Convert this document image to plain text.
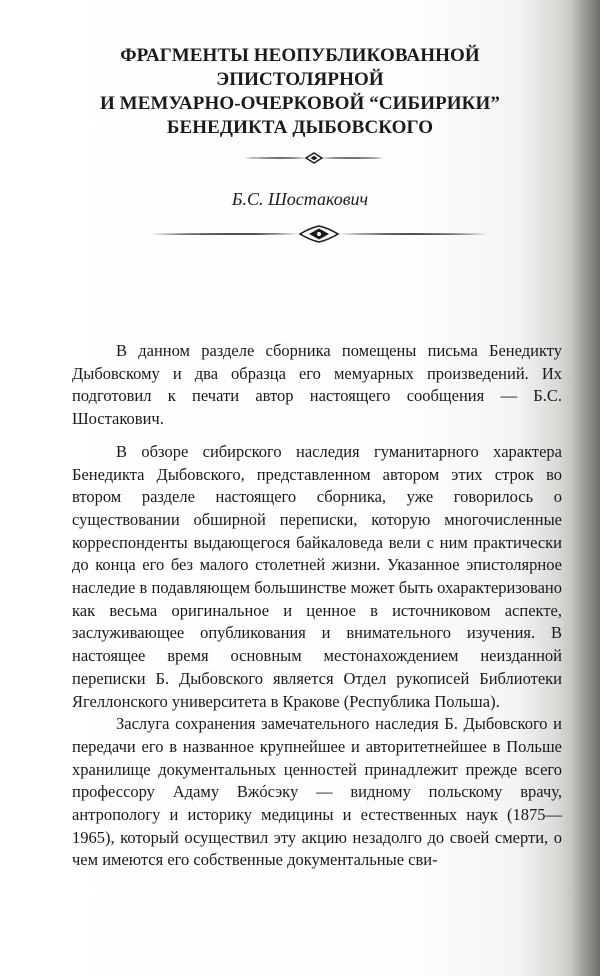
ФРАГМЕНТЫ НЕОПУБЛИКОВАННОЙ
ЭПИСТОЛЯРНОЙ
И МЕМУАРНО-ОЧЕРКОВОЙ “СИБИРИКИ”
БЕНЕДИКТА ДЫБОВСКОГО
Б.С. Шостакович

В данном разделе сборника помещены письма Бенедикту Дыбовскому и два образца его мемуарных произведений. Их подготовил к печати автор настоящего сообщения — Б.С. Шостакович.

В обзоре сибирского наследия гуманитарного характера Бенедикта Дыбовского, представленном автором этих строк во втором разделе настоящего сборника, уже говорилось о существовании обширной переписки, которую многочисленные корреспонденты выдающегося байкаловеда вели с ним практически до конца его без малого столетней жизни. Указанное эпистолярное наследие в подавляющем большинстве может быть охарактеризовано как весьма оригинальное и ценное в источниковом аспекте, заслуживающее опубликования и внимательного изучения. В настоящее время основным местонахождением неизданной переписки Б. Дыбовского является Отдел рукописей Библиотеки Ягеллонского университета в Кракове (Республика Польша).

Заслуга сохранения замечательного наследия Б. Дыбовского и передачи его в названное крупнейшее и авторитетнейшее в Польше хранилище документальных ценностей принадлежит прежде всего профессору Адаму Вжóсэку — видному польскому врачу, антропологу и историку медицины и естественных наук (1875—1965), который осуществил эту акцию незадолго до своей смерти, о чем имеются его собственные документальные сви-
